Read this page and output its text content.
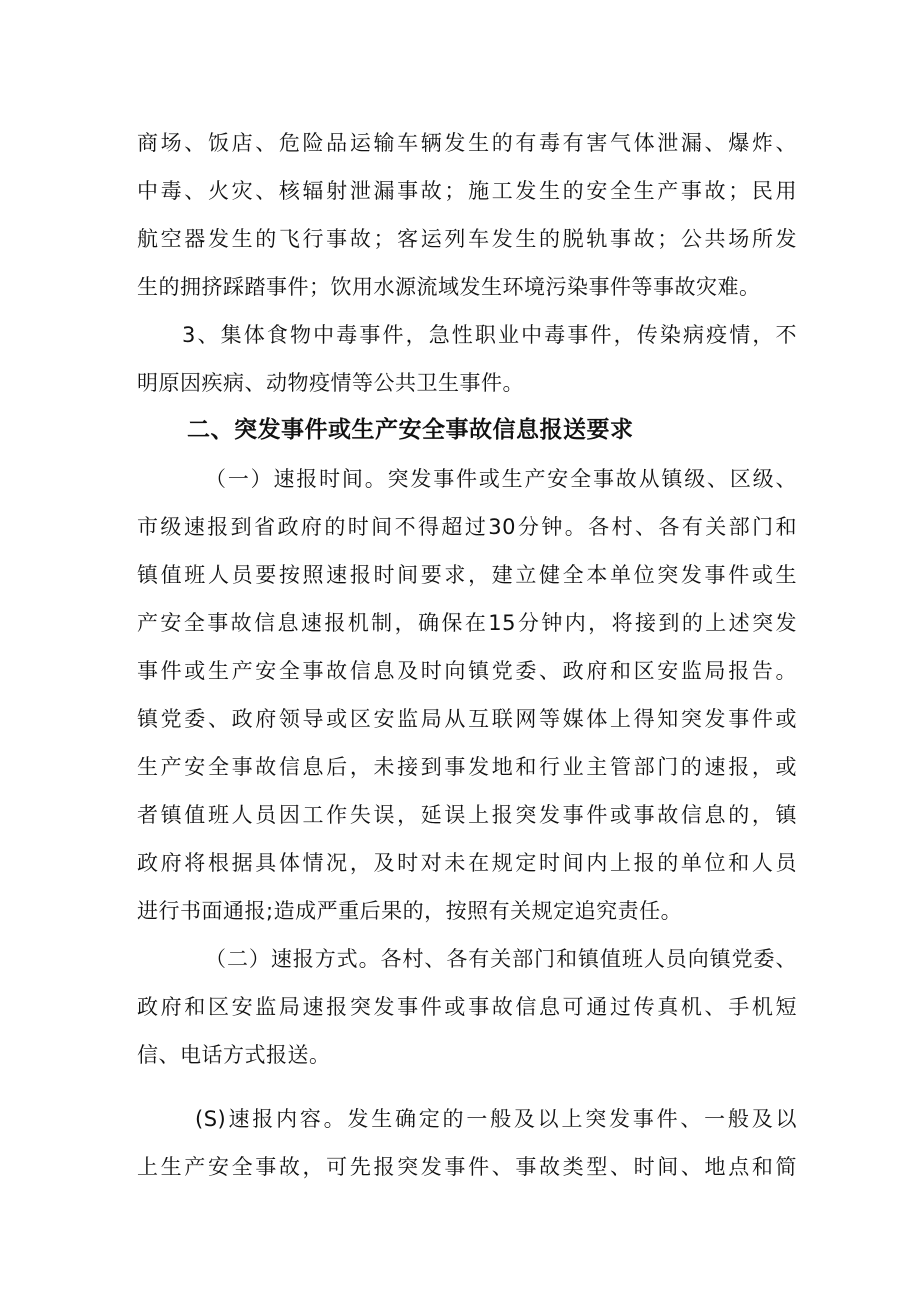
商场、饭店、危险品运输车辆发生的有毒有害气体泄漏、爆炸、
中毒、火灾、核辐射泄漏事故；施工发生的安全生产事故；民用
航空器发生的飞行事故；客运列车发生的脱轨事故；公共场所发
生的拥挤踩踏事件；饮用水源流域发生环境污染事件等事故灾难。
3、集体食物中毒事件，急性职业中毒事件，传染病疫情，不
明原因疾病、动物疫情等公共卫生事件。
二、突发事件或生产安全事故信息报送要求
（一）速报时间。突发事件或生产安全事故从镇级、区级、
市级速报到省政府的时间不得超过30分钟。各村、各有关部门和
镇值班人员要按照速报时间要求，建立健全本单位突发事件或生
产安全事故信息速报机制，确保在15分钟内，将接到的上述突发
事件或生产安全事故信息及时向镇党委、政府和区安监局报告。
镇党委、政府领导或区安监局从互联网等媒体上得知突发事件或
生产安全事故信息后，未接到事发地和行业主管部门的速报，或
者镇值班人员因工作失误，延误上报突发事件或事故信息的，镇
政府将根据具体情况，及时对未在规定时间内上报的单位和人员
进行书面通报;造成严重后果的，按照有关规定追究责任。
（二）速报方式。各村、各有关部门和镇值班人员向镇党委、
政府和区安监局速报突发事件或事故信息可通过传真机、手机短
信、电话方式报送。
(S)速报内容。发生确定的一般及以上突发事件、一般及以
上生产安全事故，可先报突发事件、事故类型、时间、地点和简
